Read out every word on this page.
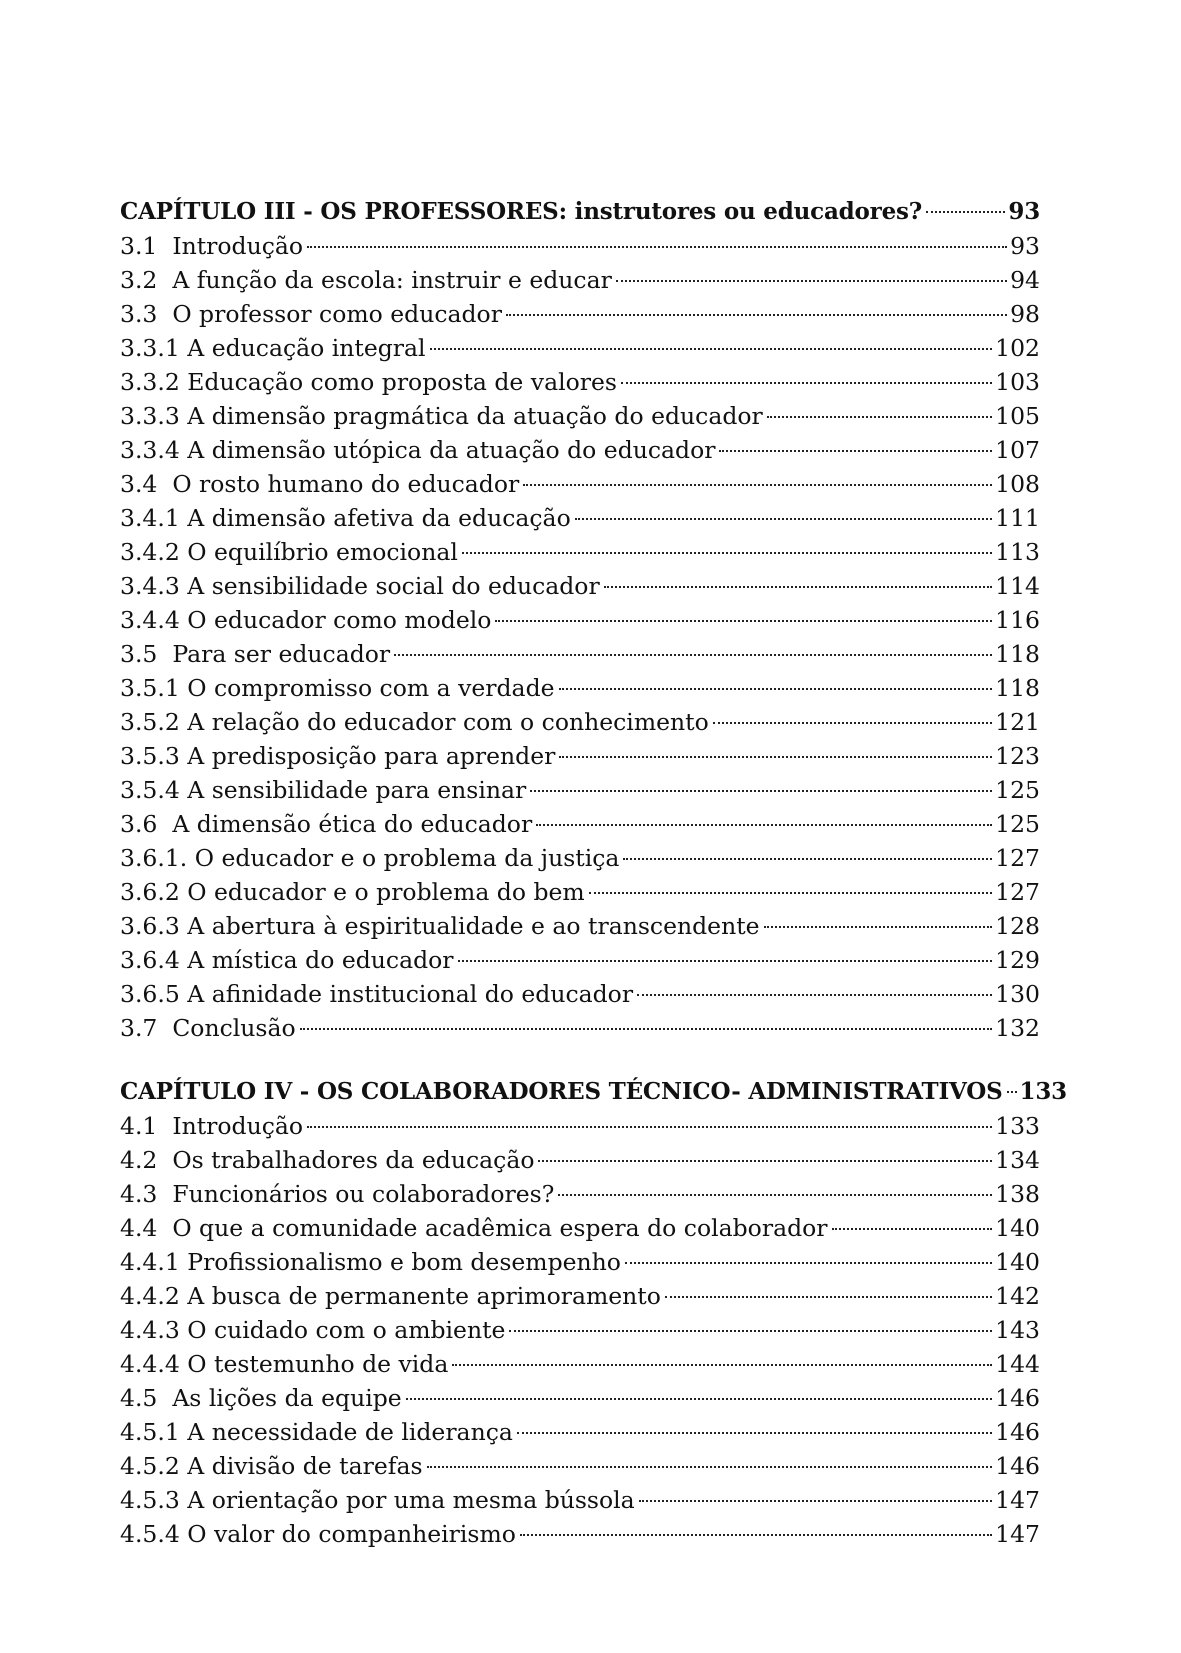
CAPÍTULO III - OS PROFESSORES: instrutores ou educadores?	93
3.1  Introdução	93
3.2  A função da escola: instruir e educar	94
3.3  O professor como educador	98
3.3.1 A educação integral	102
3.3.2 Educação como proposta de valores	103
3.3.3 A dimensão pragmática da atuação do educador	105
3.3.4 A dimensão utópica da atuação do educador	107
3.4  O rosto humano do educador	108
3.4.1 A dimensão afetiva da educação	111
3.4.2 O equilíbrio emocional	113
3.4.3 A sensibilidade social do educador	114
3.4.4 O educador como modelo	116
3.5  Para ser educador	118
3.5.1 O compromisso com a verdade	118
3.5.2 A relação do educador com o conhecimento	121
3.5.3 A predisposição para aprender	123
3.5.4 A sensibilidade para ensinar	125
3.6  A dimensão ética do educador	125
3.6.1. O educador e o problema da justiça	127
3.6.2 O educador e o problema do bem	127
3.6.3 A abertura à espiritualidade e ao transcendente	128
3.6.4 A mística do educador	129
3.6.5 A afinidade institucional do educador	130
3.7  Conclusão	132
CAPÍTULO IV - OS COLABORADORES TÉCNICO- ADMINISTRATIVOS 133
4.1  Introdução	133
4.2  Os trabalhadores da educação	134
4.3  Funcionários ou colaboradores?	138
4.4  O que a comunidade acadêmica espera do colaborador	140
4.4.1 Profissionalismo e bom desempenho	140
4.4.2 A busca de permanente aprimoramento	142
4.4.3 O cuidado com o ambiente	143
4.4.4 O testemunho de vida	144
4.5  As lições da equipe	146
4.5.1 A necessidade de liderança	146
4.5.2 A divisão de tarefas	146
4.5.3 A orientação por uma mesma bússola	147
4.5.4 O valor do companheirismo	147
